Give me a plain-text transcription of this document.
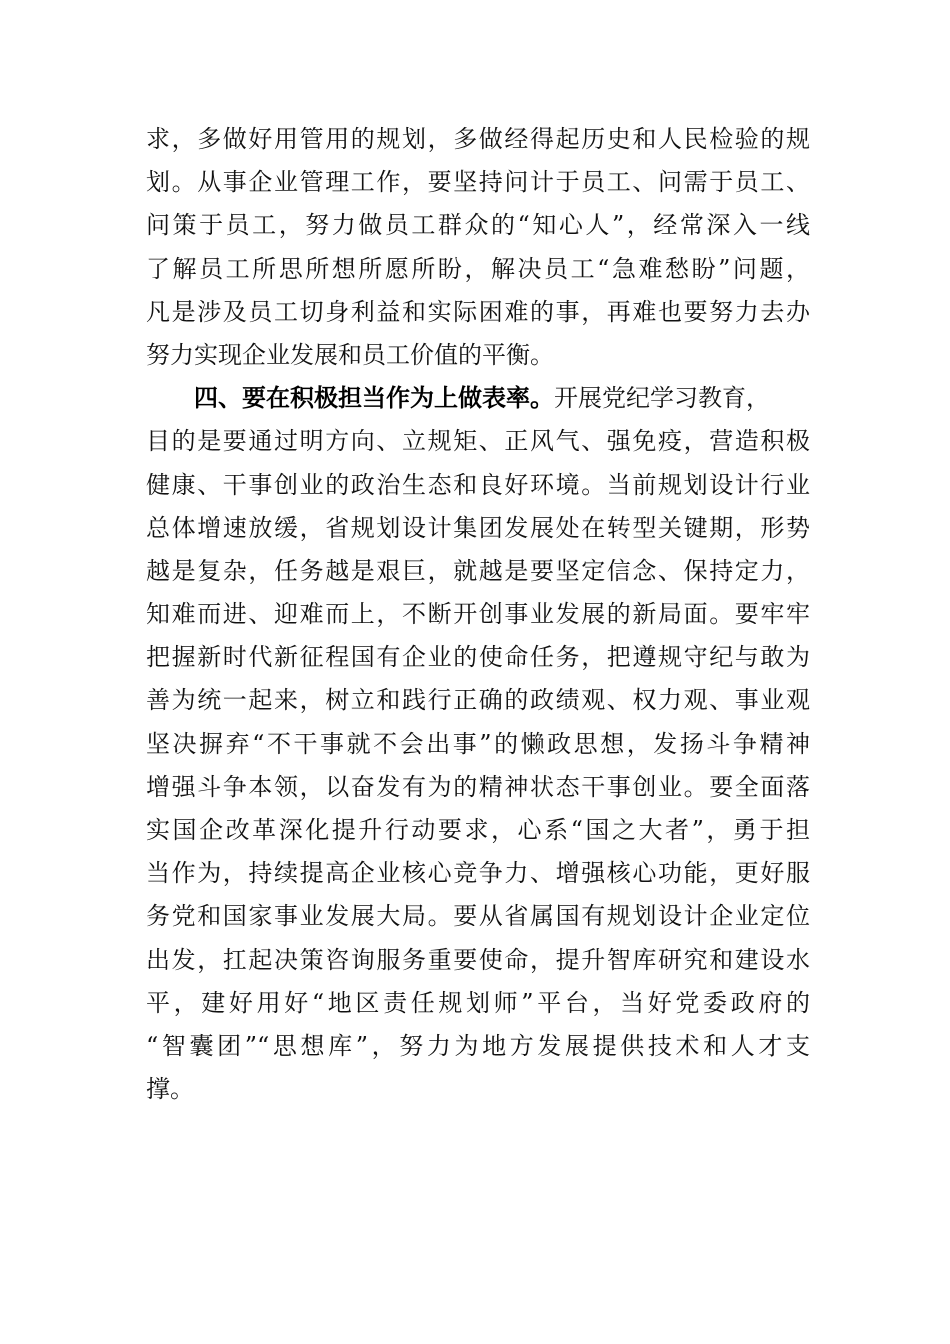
求，多做好用管用的规划，多做经得起历史和人民检验的规
划。从事企业管理工作，要坚持问计于员工、问需于员工、
问策于员工，努力做员工群众的“知心人”，经常深入一线
了解员工所思所想所愿所盼，解决员工“急难愁盼”问题，
凡是涉及员工切身利益和实际困难的事，再难也要努力去办
努力实现企业发展和员工价值的平衡。
四、要在积极担当作为上做表率。开展党纪学习教育，
目的是要通过明方向、立规矩、正风气、强免疫，营造积极
健康、干事创业的政治生态和良好环境。当前规划设计行业
总体增速放缓，省规划设计集团发展处在转型关键期，形势
越是复杂，任务越是艰巨，就越是要坚定信念、保持定力，
知难而进、迎难而上，不断开创事业发展的新局面。要牢牢
把握新时代新征程国有企业的使命任务，把遵规守纪与敢为
善为统一起来，树立和践行正确的政绩观、权力观、事业观
坚决摒弃“不干事就不会出事”的懒政思想，发扬斗争精神
增强斗争本领，以奋发有为的精神状态干事创业。要全面落
实国企改革深化提升行动要求，心系“国之大者”，勇于担
当作为，持续提高企业核心竞争力、增强核心功能，更好服
务党和国家事业发展大局。要从省属国有规划设计企业定位
出发，扛起决策咨询服务重要使命，提升智库研究和建设水
平，建好用好“地区责任规划师”平台，当好党委政府的
“智囊团”“思想库”，努力为地方发展提供技术和人才支
撑。
